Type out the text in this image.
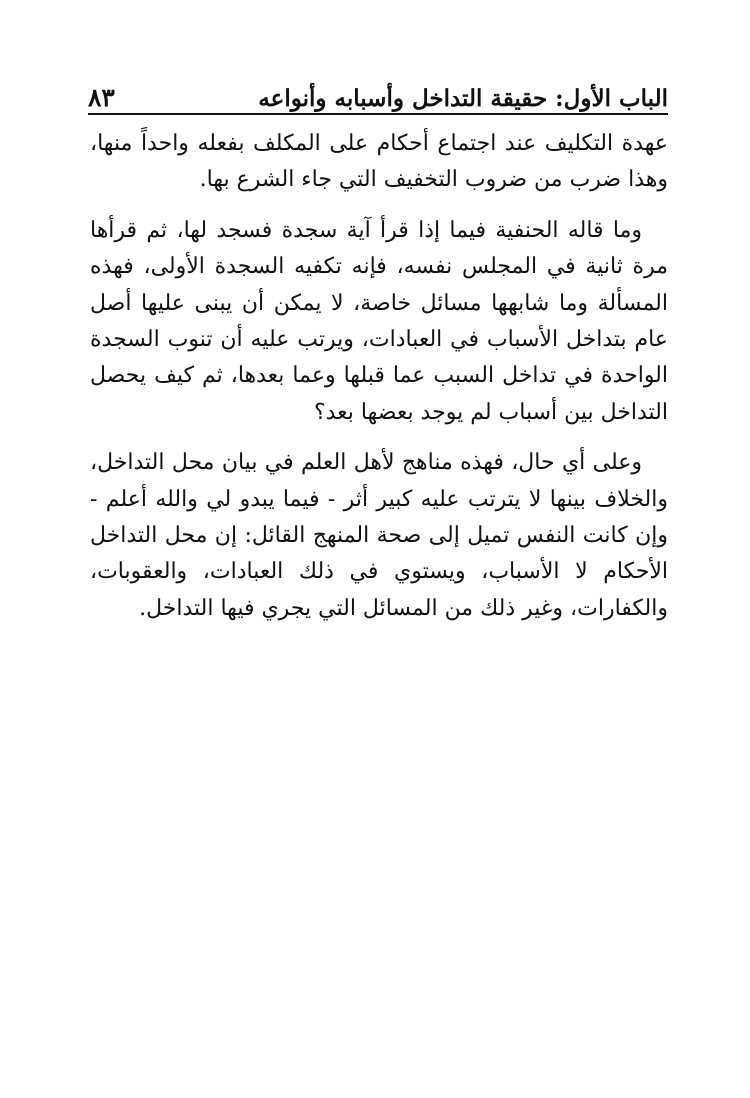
الباب الأول: حقيقة التداخل وأسبابه وأنواعه
٨٣

عهدة التكليف عند اجتماع أحكام على المكلف بفعله واحداً منها، وهذا ضرب من ضروب التخفيف التي جاء الشرع بها.

وما قاله الحنفية فيما إذا قرأ آية سجدة فسجد لها، ثم قرأها مرة ثانية في المجلس نفسه، فإنه تكفيه السجدة الأولى، فهذه المسألة وما شابهها مسائل خاصة، لا يمكن أن يبنى عليها أصل عام بتداخل الأسباب في العبادات، ويرتب عليه أن تنوب السجدة الواحدة في تداخل السبب عما قبلها وعما بعدها، ثم كيف يحصل التداخل بين أسباب لم يوجد بعضها بعد؟

وعلى أي حال، فهذه مناهج لأهل العلم في بيان محل التداخل، والخلاف بينها لا يترتب عليه كبير أثر - فيما يبدو لي والله أعلم - وإن كانت النفس تميل إلى صحة المنهج القائل: إن محل التداخل الأحكام لا الأسباب، ويستوي في ذلك العبادات، والعقوبات، والكفارات، وغير ذلك من المسائل التي يجري فيها التداخل.
